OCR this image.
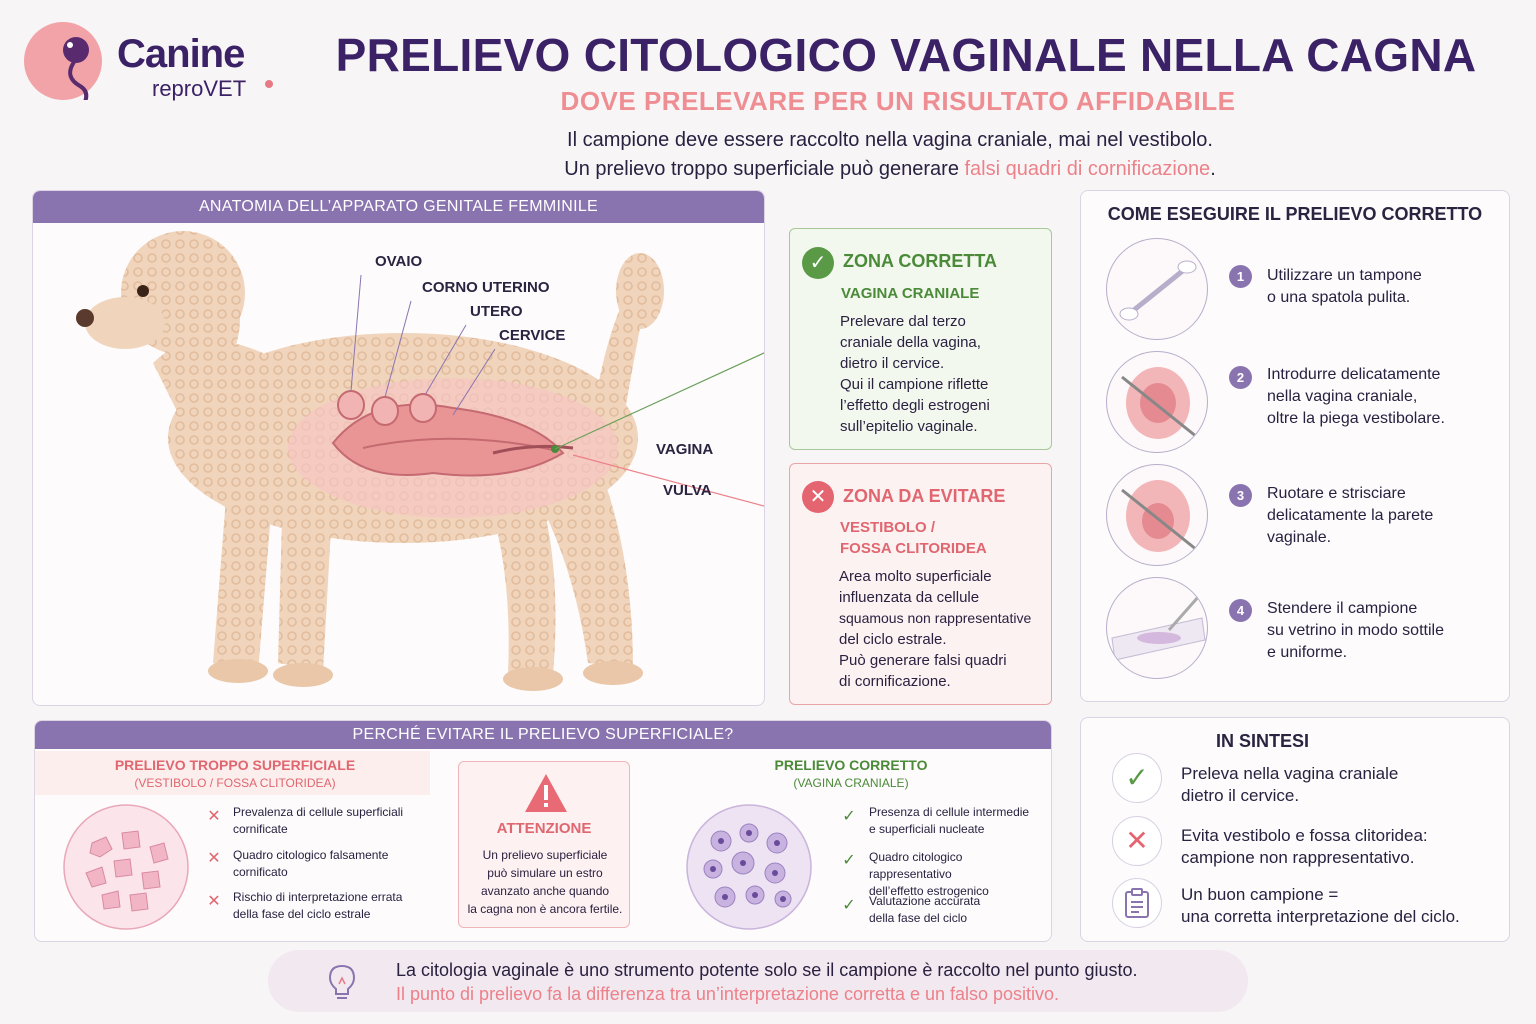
Canine
reproVET
PRELIEVO CITOLOGICO VAGINALE NELLA CAGNA
DOVE PRELEVARE PER UN RISULTATO AFFIDABILE
Il campione deve essere raccolto nella vagina craniale, mai nel vestibolo.
Un prelievo troppo superficiale può generare falsi quadri di cornificazione.
ANATOMIA DELL’APPARATO GENITALE FEMMINILE
OVAIO
CORNO UTERINO
UTERO
CERVICE
VAGINA
VULVA
✓ ZONA CORRETTA
VAGINA CRANIALE
Prelevare dal terzo
craniale della vagina,
dietro il cervice.
Qui il campione riflette
l’effetto degli estrogeni
sull’epitelio vaginale.
✕ ZONA DA EVITARE
VESTIBOLO /
FOSSA CLITORIDEA
Area molto superficiale
influenzata da cellule
squamous non rappresentative
del ciclo estrale.
Può generare falsi quadri
di cornificazione.
COME ESEGUIRE IL PRELIEVO CORRETTO
1	Utilizzare un tampone
o una spatola pulita.
2	Introdurre delicatamente
nella vagina craniale,
oltre la piega vestibolare.
3	Ruotare e strisciare
delicatamente la parete
vaginale.
4	Stendere il campione
su vetrino in modo sottile
e uniforme.
IN SINTESI
✓	Preleva nella vagina craniale
dietro il cervice.
✕	Evita vestibolo e fossa clitoridea:
campione non rappresentativo.
Un buon campione =
una corretta interpretazione del ciclo.
PERCHÉ EVITARE IL PRELIEVO SUPERFICIALE?
PRELIEVO TROPPO SUPERFICIALE
(VESTIBOLO / FOSSA CLITORIDEA)
✕ Prevalenza di cellule superficiali
cornificate
✕ Quadro citologico falsamente
cornificato
✕ Rischio di interpretazione errata
della fase del ciclo estrale
ATTENZIONE
Un prelievo superficiale
può simulare un estro
avanzato anche quando
la cagna non è ancora fertile.
PRELIEVO CORRETTO
(VAGINA CRANIALE)
✓ Presenza di cellule intermedie
e superficiali nucleate
✓ Quadro citologico rappresentativo
dell’effetto estrogenico
✓ Valutazione accurata
della fase del ciclo
La citologia vaginale è uno strumento potente solo se il campione è raccolto nel punto giusto.
Il punto di prelievo fa la differenza tra un’interpretazione corretta e un falso positivo.
